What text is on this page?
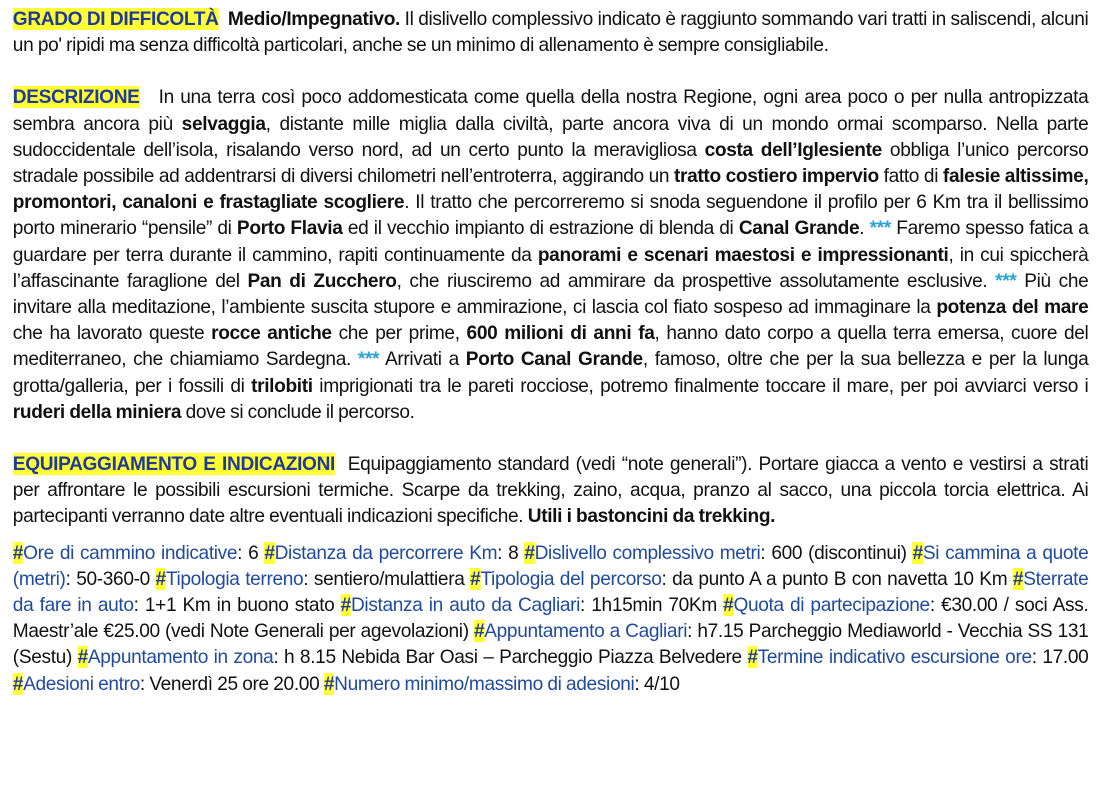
GRADO DI DIFFICOLTÀ Medio/Impegnativo. Il dislivello complessivo indicato è raggiunto sommando vari tratti in saliscendi, alcuni un po' ripidi ma senza difficoltà particolari, anche se un minimo di allenamento è sempre consigliabile.

DESCRIZIONE In una terra così poco addomesticata come quella della nostra Regione, ogni area poco o per nulla antropizzata sembra ancora più selvaggia, distante mille miglia dalla civiltà, parte ancora viva di un mondo ormai scomparso. Nella parte sudoccidentale dell’isola, risalando verso nord, ad un certo punto la meravigliosa costa dell’Iglesiente obbliga l’unico percorso stradale possibile ad addentrarsi di diversi chilometri nell’entroterra, aggirando un tratto costiero impervio fatto di falesie altissime, promontori, canaloni e frastagliate scogliere. Il tratto che percorreremo si snoda seguendone il profilo per 6 Km tra il bellissimo porto minerario “pensile” di Porto Flavia ed il vecchio impianto di estrazione di blenda di Canal Grande. *** Faremo spesso fatica a guardare per terra durante il cammino, rapiti continuamente da panorami e scenari maestosi e impressionanti, in cui spiccherà l’affascinante faraglione del Pan di Zucchero, che riusciremo ad ammirare da prospettive assolutamente esclusive. *** Più che invitare alla meditazione, l’ambiente suscita stupore e ammirazione, ci lascia col fiato sospeso ad immaginare la potenza del mare che ha lavorato queste rocce antiche che per prime, 600 milioni di anni fa, hanno dato corpo a quella terra emersa, cuore del mediterraneo, che chiamiamo Sardegna. *** Arrivati a Porto Canal Grande, famoso, oltre che per la sua bellezza e per la lunga grotta/galleria, per i fossili di trilobiti imprigionati tra le pareti rocciose, potremo finalmente toccare il mare, per poi avviarci verso i ruderi della miniera dove si conclude il percorso.

EQUIPAGGIAMENTO E INDICAZIONI  Equipaggiamento standard (vedi “note generali”). Portare giacca a vento e vestirsi a strati per affrontare le possibili escursioni termiche. Scarpe da trekking, zaino, acqua, pranzo al sacco, una piccola torcia elettrica. Ai partecipanti verranno date altre eventuali indicazioni specifiche. Utili i bastoncini da trekking.

#Ore di cammino indicative: 6 #Distanza da percorrere Km: 8 #Dislivello complessivo metri: 600 (discontinui) #Si cammina a quote (metri): 50-360-0 #Tipologia terreno: sentiero/mulattiera #Tipologia del percorso: da punto A a punto B con navetta 10 Km #Sterrate da fare in auto: 1+1 Km in buono stato #Distanza in auto da Cagliari: 1h15min 70Km #Quota di partecipazione: €30.00 / soci Ass. Maestr’ale €25.00 (vedi Note Generali per agevolazioni) #Appuntamento a Cagliari: h7.15 Parcheggio Mediaworld - Vecchia SS 131 (Sestu) #Appuntamento in zona: h 8.15 Nebida Bar Oasi – Parcheggio Piazza Belvedere #Termine indicativo escursione ore: 17.00 #Adesioni entro: Venerdì 25 ore 20.00 #Numero minimo/massimo di adesioni: 4/10
